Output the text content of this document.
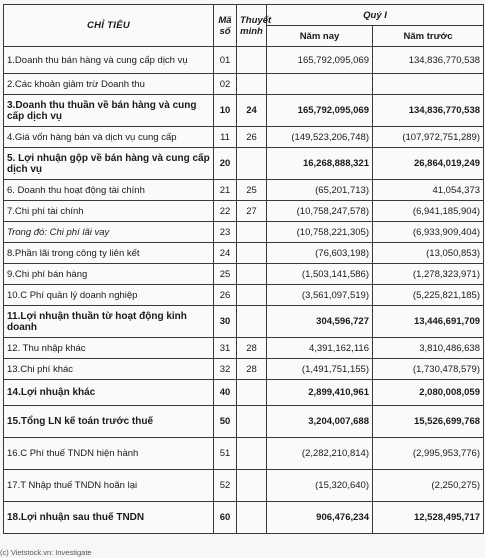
CHỈ TIÊU	Mã số	Thuyết minh	Quý I	
			Năm nay	Năm trước
1.Doanh thu bán hàng và cung cấp dịch vụ	01		165,792,095,069	134,836,770,538
2.Các khoản giảm trừ Doanh thu	02			
3.Doanh thu thuần về bán hàng và cung cấp dịch vụ	10	24	165,792,095,069	134,836,770,538
4.Giá vốn hàng bán và dịch vụ cung cấp	11	26	(149,523,206,748)	(107,972,751,289)
5. Lợi nhuận gộp về bán hàng và cung cấp dịch vụ	20		16,268,888,321	26,864,019,249
6. Doanh thu hoạt động tài chính	21	25	(65,201,713)	41,054,373
7.Chi phí tài chính	22	27	(10,758,247,578)	(6,941,185,904)
Trong đó: Chi phí lãi vay	23		(10,758,221,305)	(6,933,909,404)
8.Phần lãi trong công ty liên kết	24		(76,603,198)	(13,050,853)
9.Chi phí bán hàng	25		(1,503,141,586)	(1,278,323,971)
10.C Phí quản lý doanh nghiệp	26		(3,561,097,519)	(5,225,821,185)
11.Lợi nhuận thuần từ hoạt động kinh doanh	30		304,596,727	13,446,691,709
12. Thu nhập khác	31	28	4,391,162,116	3,810,486,638
13.Chi phí khác	32	28	(1,491,751,155)	(1,730,478,579)
14.Lợi nhuận khác	40		2,899,410,961	2,080,008,059
15.Tổng LN kế toán trước thuế	50		3,204,007,688	15,526,699,768
16.C Phí thuế TNDN hiện hành	51		(2,282,210,814)	(2,995,953,776)
17.T Nhập thuế TNDN hoãn lại	52		(15,320,640)	(2,250,275)
18.Lợi nhuận sau thuế TNDN	60		906,476,234	12,528,495,717
(c) Vietstock.vn: Investigate
